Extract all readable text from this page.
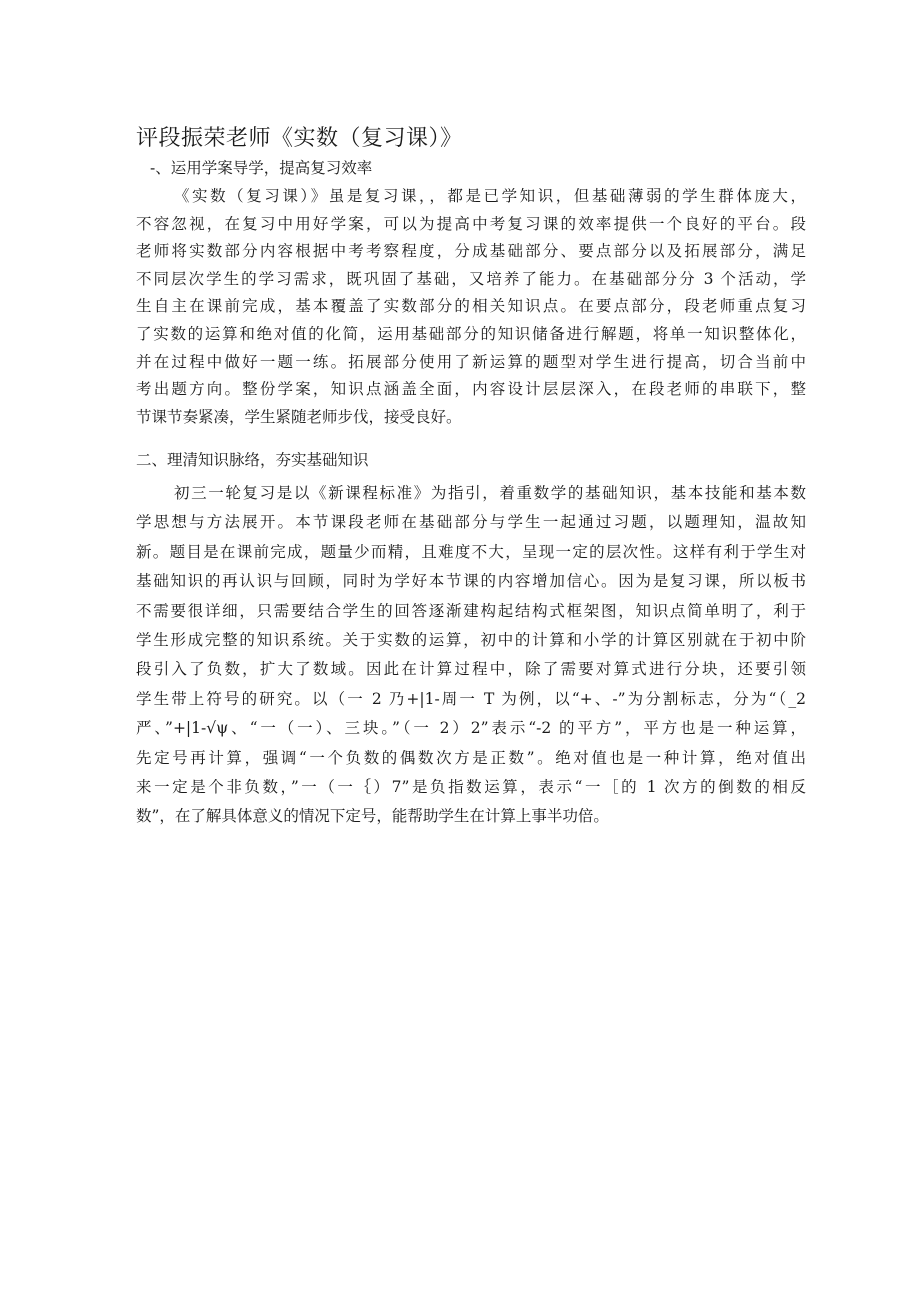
评段振荣老师《实数（复习课）》
-、运用学案导学，提高复习效率
《实数（复习课）》虽是复习课，，都是已学知识，但基础薄弱的学生群体庞大，
不容忽视，在复习中用好学案，可以为提高中考复习课的效率提供一个良好的平台。段
老师将实数部分内容根据中考考察程度，分成基础部分、要点部分以及拓展部分，满足
不同层次学生的学习需求，既巩固了基础，又培养了能力。在基础部分分 3 个活动，学
生自主在课前完成，基本覆盖了实数部分的相关知识点。在要点部分，段老师重点复习
了实数的运算和绝对值的化简，运用基础部分的知识储备进行解题，将单一知识整体化，
并在过程中做好一题一练。拓展部分使用了新运算的题型对学生进行提高，切合当前中
考出题方向。整份学案，知识点涵盖全面，内容设计层层深入，在段老师的串联下，整
节课节奏紧凑，学生紧随老师步伐，接受良好。
二、理清知识脉络，夯实基础知识
初三一轮复习是以《新课程标准》为指引，着重数学的基础知识，基本技能和基本数
学思想与方法展开。本节课段老师在基础部分与学生一起通过习题，以题理知，温故知
新。题目是在课前完成，题量少而精，且难度不大，呈现一定的层次性。这样有利于学生对
基础知识的再认识与回顾，同时为学好本节课的内容增加信心。因为是复习课，所以板书
不需要很详细，只需要结合学生的回答逐渐建构起结构式框架图，知识点简单明了，利于
学生形成完整的知识系统。关于实数的运算，初中的计算和小学的计算区别就在于初中阶
段引入了负数，扩大了数域。因此在计算过程中，除了需要对算式进行分块，还要引领
学生带上符号的研究。以（一 2 乃+|1-周一 T 为例，以“+、-”为分割标志，分为“（_2
严、”+|1-√ψ、“一（一）、三块。”（一 2）2”表示“-2 的平方”，平方也是一种运算，
先定号再计算，强调“一个负数的偶数次方是正数”。绝对值也是一种计算，绝对值出
来一定是个非负数，”一（一｛）7”是负指数运算，表示“一［的 1 次方的倒数的相反
数”，在了解具体意义的情况下定号，能帮助学生在计算上事半功倍。
